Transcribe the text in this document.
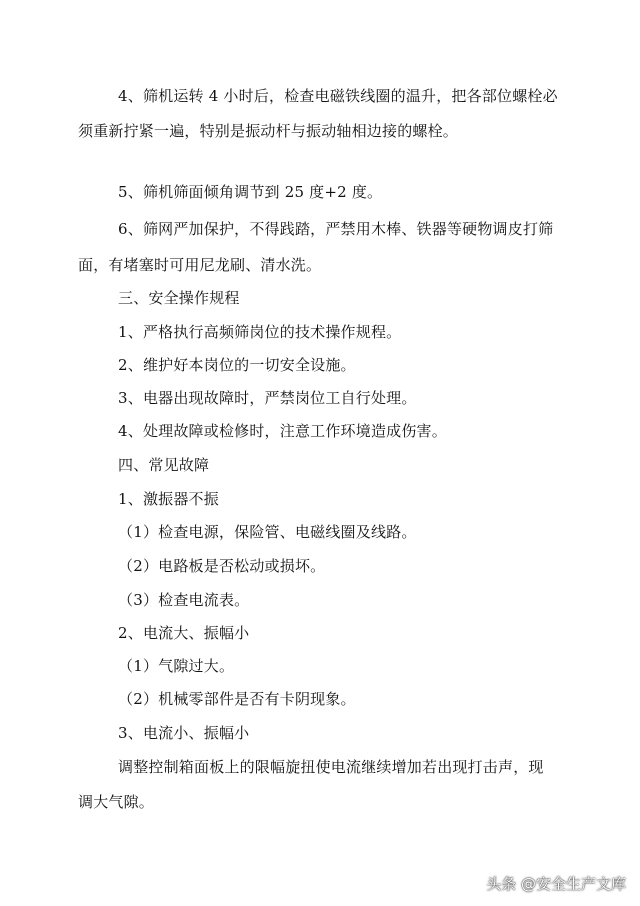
4、筛机运转 4 小时后，检查电磁铁线圈的温升，把各部位螺栓必
须重新拧紧一遍，特别是振动杆与振动轴相边接的螺栓。
5、筛机筛面倾角调节到 25 度+2 度。
6、筛网严加保护，不得践踏，严禁用木棒、铁器等硬物调皮打筛
面，有堵塞时可用尼龙刷、清水洗。
三、安全操作规程
1、严格执行高频筛岗位的技术操作规程。
2、维护好本岗位的一切安全设施。
3、电器出现故障时，严禁岗位工自行处理。
4、处理故障或检修时，注意工作环境造成伤害。
四、常见故障
1、激振器不振
（1）检查电源，保险管、电磁线圈及线路。
（2）电路板是否松动或损坏。
（3）检查电流表。
2、电流大、振幅小
（1）气隙过大。
（2）机械零部件是否有卡阴现象。
3、电流小、振幅小
调整控制箱面板上的限幅旋扭使电流继续增加若出现打击声，现
调大气隙。
头条 @安全生产文库
